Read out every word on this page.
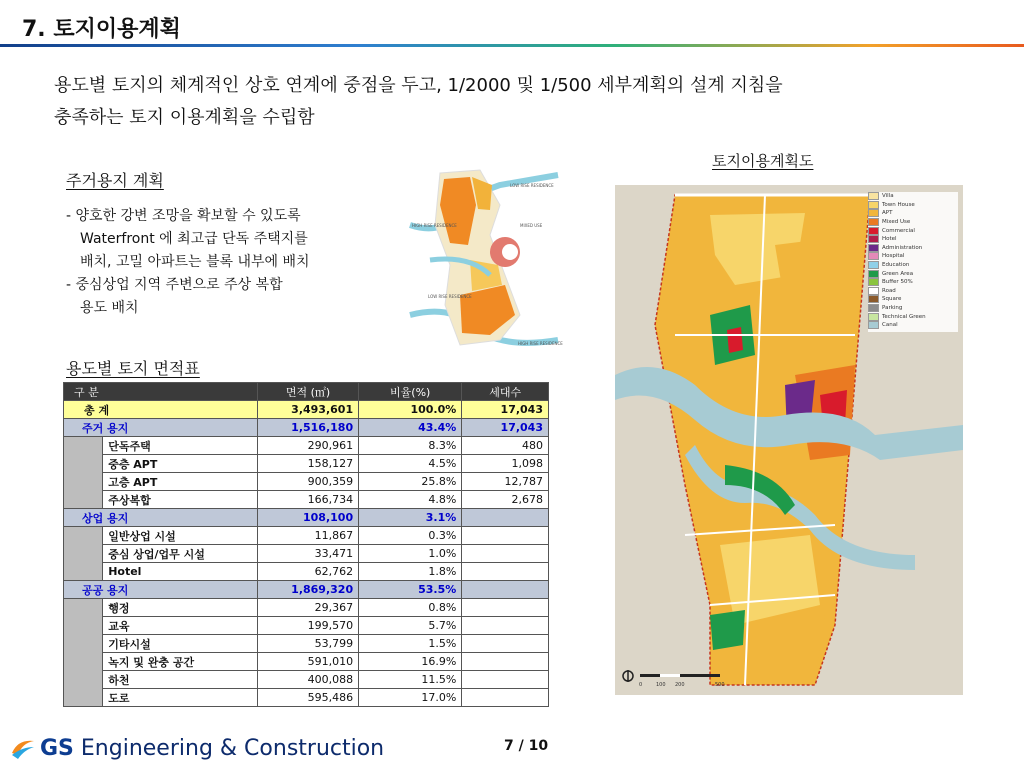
7. 토지이용계획
용도별 토지의 체계적인 상호 연계에 중점을 두고, 1/2000 및 1/500 세부계획의 설계 지침을
충족하는 토지 이용계획을 수립함
주거용지 계획
- 양호한 강변 조망을 확보할 수 있도록
Waterfront 에 최고급 단독 주택지를
배치, 고밀 아파트는 블록 내부에 배치
- 중심상업 지역 주변으로 주상 복합
용도 배치
LOW RISE RESIDENCE
HIGH RISE RESIDENCE	MIXED USE
LOW RISE RESIDENCE
HIGH RISE RESIDENCE
토지이용계획도
Villa
Town House
APT
Mixed Use
Commercial
Hotel
Administration
Hospital
Education
Green Area
Buffer 50%
Road
Square
Parking
Technical Green
Canal
0	100 200	500
용도별 토지 면적표
구 분		면적 (㎡)	비율(%)	세대수
총 계		3,493,601	100.0%	17,043
주거 용지		1,516,180	43.4%	17,043
	단독주택	290,961	8.3%	480
	중층 APT	158,127	4.5%	1,098
	고층 APT	900,359	25.8%	12,787
	주상복합	166,734	4.8%	2,678
상업 용지		108,100	3.1%	
	일반상업 시설	11,867	0.3%	
	중심 상업/업무 시설	33,471	1.0%	
	Hotel	62,762	1.8%	
공공 용지		1,869,320	53.5%	
	행정	29,367	0.8%	
	교육	199,570	5.7%	
	기타시설	53,799	1.5%	
	녹지 및 완충 공간	591,010	16.9%	
	하천	400,088	11.5%	
	도로	595,486	17.0%	
GS Engineering & Construction	7 / 10
